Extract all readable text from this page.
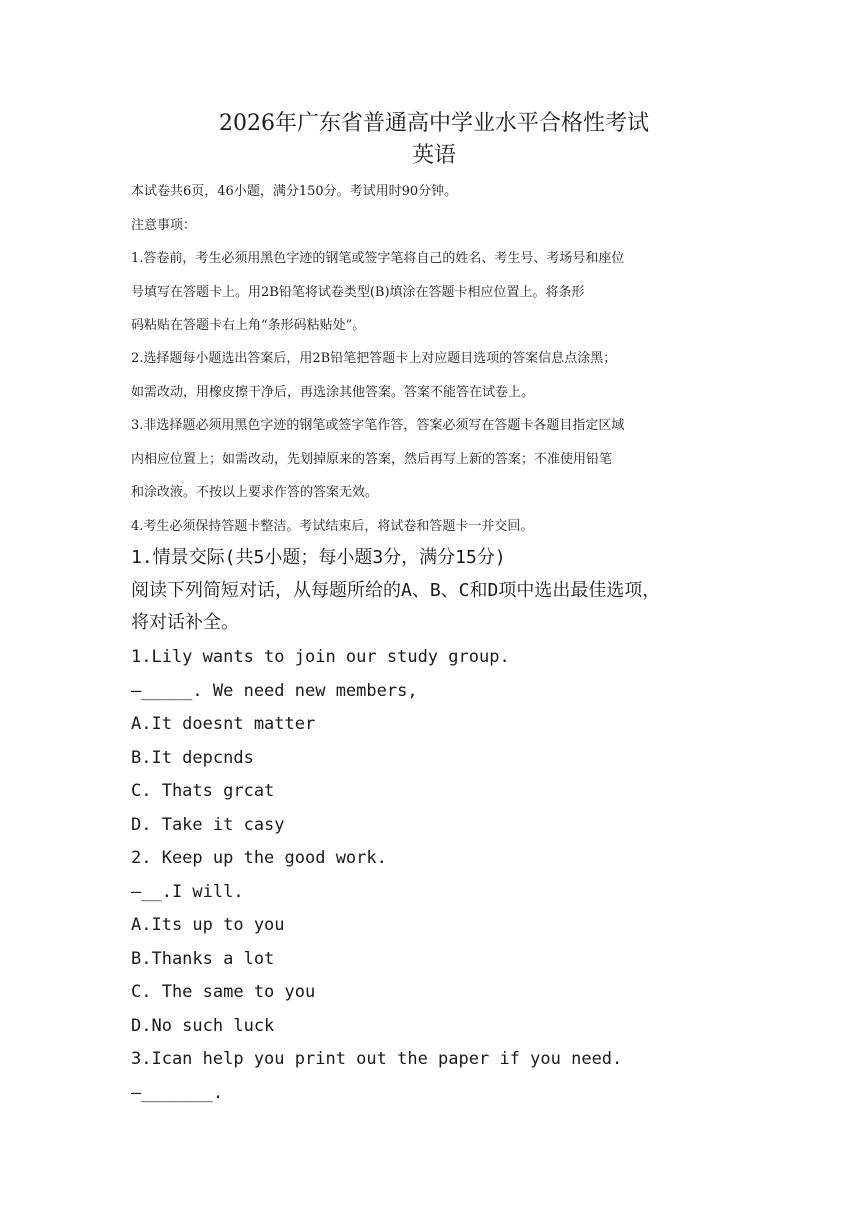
2026年广东省普通高中学业水平合格性考试
英语
本试卷共6页，46小题，满分150分。考试用时90分钟。
注意事项：
1.答卷前，考生必须用黑色字迹的钢笔或签字笔将自己的姓名、考生号、考场号和座位
号填写在答题卡上。用2B铅笔将试卷类型(B)填涂在答题卡相应位置上。将条形
码粘贴在答题卡右上角“条形码粘贴处”。
2.选择题每小题选出答案后，用2B铅笔把答题卡上对应题目选项的答案信息点涂黑；
如需改动，用橡皮擦干净后，再选涂其他答案。答案不能答在试卷上。
3.非选择题必须用黑色字迹的钢笔或签字笔作答，答案必须写在答题卡各题目指定区域
内相应位置上；如需改动，先划掉原来的答案，然后再写上新的答案；不准使用铅笔
和涂改液。不按以上要求作答的答案无效。
4.考生必须保持答题卡整洁。考试结束后，将试卷和答题卡一并交回。
1.情景交际(共5小题；每小题3分，满分15分)
阅读下列简短对话，从每题所给的A、B、C和D项中选出最佳选项，
将对话补全。
1.Lily wants to join our study group.
—_____. We need new members,
A.It doesnt matter
B.It depcnds
C. Thats grcat
D. Take it casy
2. Keep up the good work.
—__.I will.
A.Its up to you
B.Thanks a lot
C. The same to you
D.No such luck
3.Ican help you print out the paper if you need.
—_______.
